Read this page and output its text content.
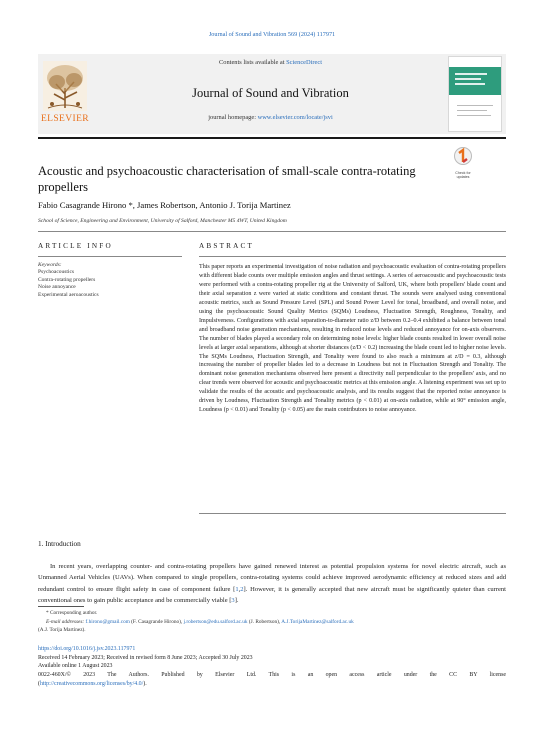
Journal of Sound and Vibration 569 (2024) 117971
ELSEVIER
Contents lists available at ScienceDirect
Journal of Sound and Vibration
journal homepage: www.elsevier.com/locate/jsvi
Check for updates
Acoustic and psychoacoustic characterisation of small-scale contra-rotating propellers
Fabio Casagrande Hirono *, James Robertson, Antonio J. Torija Martinez
School of Science, Engineering and Environment, University of Salford, Manchester M5 4WT, United Kingdom
ARTICLE INFO
Keywords:
Psychoacoustics
Contra-rotating propellers
Noise annoyance
Experimental aeroacoustics
ABSTRACT
This paper reports an experimental investigation of noise radiation and psychoacoustic evaluation of contra-rotating propellers with different blade counts over multiple emission angles and thrust settings. A series of aeroacoustic and psychoacoustic tests were performed with a contra-rotating propeller rig at the University of Salford, UK, where both propellers' blade count and their axial separation z were varied at static conditions and constant thrust. The sounds were analysed using conventional acoustic metrics, such as Sound Pressure Level (SPL) and Sound Power Level for tonal, broadband, and overall noise, and using the psychoacoustic Sound Quality Metrics (SQMs) Loudness, Fluctuation Strength, Roughness, Tonality, and Impulsiveness. Configurations with axial separation-to-diameter ratio z/D between 0.2–0.4 exhibited a balance between tonal and broadband noise generation mechanisms, resulting in reduced noise levels and reduced annoyance for on-axis observers. The number of blades played a secondary role on determining noise levels: higher blade counts resulted in lower overall noise levels at larger axial separations, although at shorter distances (z/D < 0.2) increasing the blade count led to higher noise levels. The SQMs Loudness, Fluctuation Strength, and Tonality were found to also reach a minimum at z/D = 0.3, although increasing the number of propeller blades led to a decrease in Loudness but not in Fluctuation Strength and Tonality. The dominant noise generation mechanisms observed here present a directivity null perpendicular to the propellers' axis, and no clear trends were observed for acoustic and psychoacoustic metrics at this emission angle. A listening experiment was set up to validate the results of the acoustic and psychoacoustic analysis, and its results suggest that the reported noise annoyance is driven by Loudness, Fluctuation Strength and Tonality metrics (p < 0.01) at on-axis radiation, while at 90° emission angle, Loudness (p < 0.01) and Tonality (p < 0.05) are the main contributors to noise annoyance.
1. Introduction
In recent years, overlapping counter- and contra-rotating propellers have gained renewed interest as potential propulsion systems for novel electric aircraft, such as Unmanned Aerial Vehicles (UAVs). When compared to single propellers, contra-rotating systems could achieve improved aerodynamic efficiency at reduced sizes and add redundant control to ensure flight safety in case of component failure [1,2]. However, it is generally accepted that new aircraft must be significantly quieter than current conventional ones to gain public acceptance and be commercially viable [3].
* Corresponding author.
E-mail addresses: f.hirono@gmail.com (F. Casagrande Hirono), j.robertson@edu.salford.ac.uk (J. Robertson), A.J.TorijaMartinez@salford.ac.uk
(A.J. Torija Martinez).
https://doi.org/10.1016/j.jsv.2023.117971
Received 14 February 2023; Received in revised form 8 June 2023; Accepted 30 July 2023
Available online 1 August 2023
0022-460X/© 2023 The Authors. Published by Elsevier Ltd. This is an open access article under the CC BY license
(http://creativecommons.org/licenses/by/4.0/).
